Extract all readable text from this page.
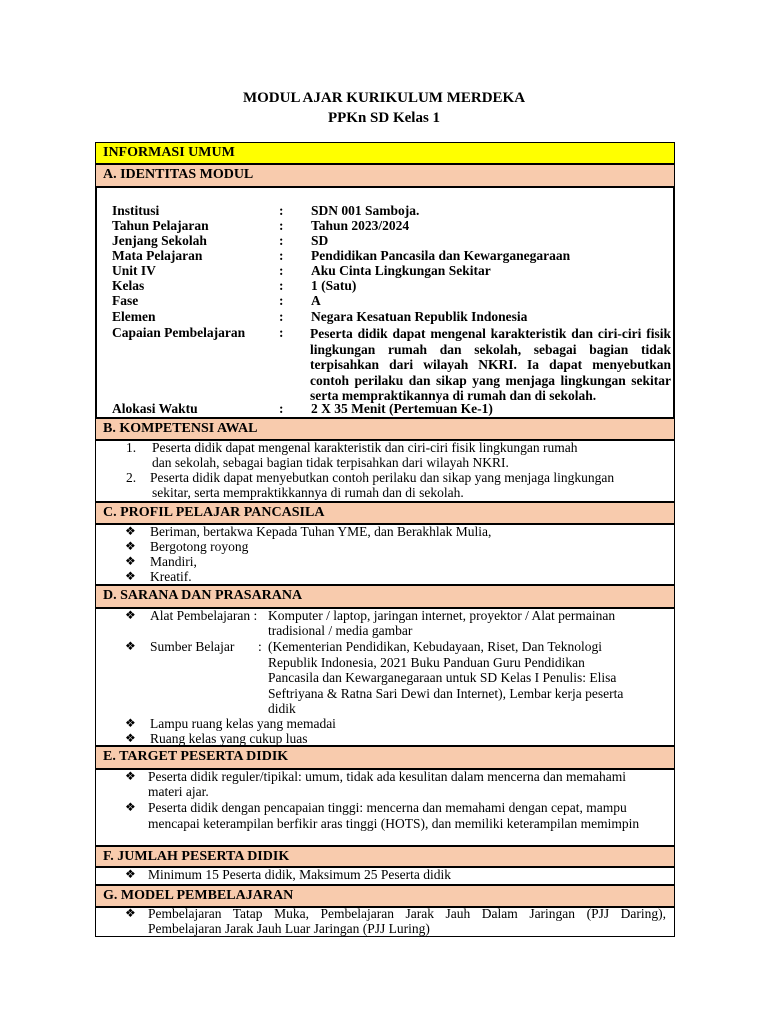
MODUL AJAR KURIKULUM MERDEKA
PPKn SD Kelas 1
INFORMASI UMUM
A. IDENTITAS MODUL
Institusi	: SDN 001 Samboja.
Tahun Pelajaran	: Tahun 2023/2024
Jenjang Sekolah	: SD
Mata Pelajaran	: Pendidikan Pancasila dan Kewarganegaraan
Unit IV	: Aku Cinta Lingkungan Sekitar
Kelas	: 1 (Satu)
Fase	: A
Elemen	: Negara Kesatuan Republik Indonesia
Capaian Pembelajaran	: Peserta didik dapat mengenal karakteristik dan ciri-ciri fisik lingkungan rumah dan sekolah, sebagai bagian tidak terpisahkan dari wilayah NKRI. Ia dapat menyebutkan contoh perilaku dan sikap yang menjaga lingkungan sekitar serta mempraktikannya di rumah dan di sekolah.
Alokasi Waktu	: 2 X 35 Menit (Pertemuan Ke-1)
B. KOMPETENSI AWAL
1. Peserta didik dapat mengenal karakteristik dan ciri-ciri fisik lingkungan rumah
dan sekolah, sebagai bagian tidak terpisahkan dari wilayah NKRI.
2. Peserta didik dapat menyebutkan contoh perilaku dan sikap yang menjaga lingkungan
sekitar, serta mempraktikkannya di rumah dan di sekolah.
C. PROFIL PELAJAR PANCASILA
❖ Beriman, bertakwa Kepada Tuhan YME, dan Berakhlak Mulia,
❖ Bergotong royong
❖ Mandiri,
❖ Kreatif.
D. SARANA DAN PRASARANA
❖ Alat Pembelajaran : Komputer / laptop, jaringan internet, proyektor / Alat permainan
tradisional / media gambar
❖ Sumber Belajar : (Kementerian Pendidikan, Kebudayaan, Riset, Dan Teknologi
Republik Indonesia, 2021 Buku Panduan Guru Pendidikan
Pancasila dan Kewarganegaraan untuk SD Kelas I Penulis: Elisa
Seftriyana & Ratna Sari Dewi dan Internet), Lembar kerja peserta
didik
❖ Lampu ruang kelas yang memadai
❖ Ruang kelas yang cukup luas
E. TARGET PESERTA DIDIK
❖ Peserta didik reguler/tipikal: umum, tidak ada kesulitan dalam mencerna dan memahami
materi ajar.
❖ Peserta didik dengan pencapaian tinggi: mencerna dan memahami dengan cepat, mampu
mencapai keterampilan berfikir aras tinggi (HOTS), dan memiliki keterampilan memimpin
F. JUMLAH PESERTA DIDIK
❖ Minimum 15 Peserta didik, Maksimum 25 Peserta didik
G. MODEL PEMBELAJARAN
❖ Pembelajaran Tatap Muka, Pembelajaran Jarak Jauh Dalam Jaringan (PJJ Daring),
Pembelajaran Jarak Jauh Luar Jaringan (PJJ Luring)
